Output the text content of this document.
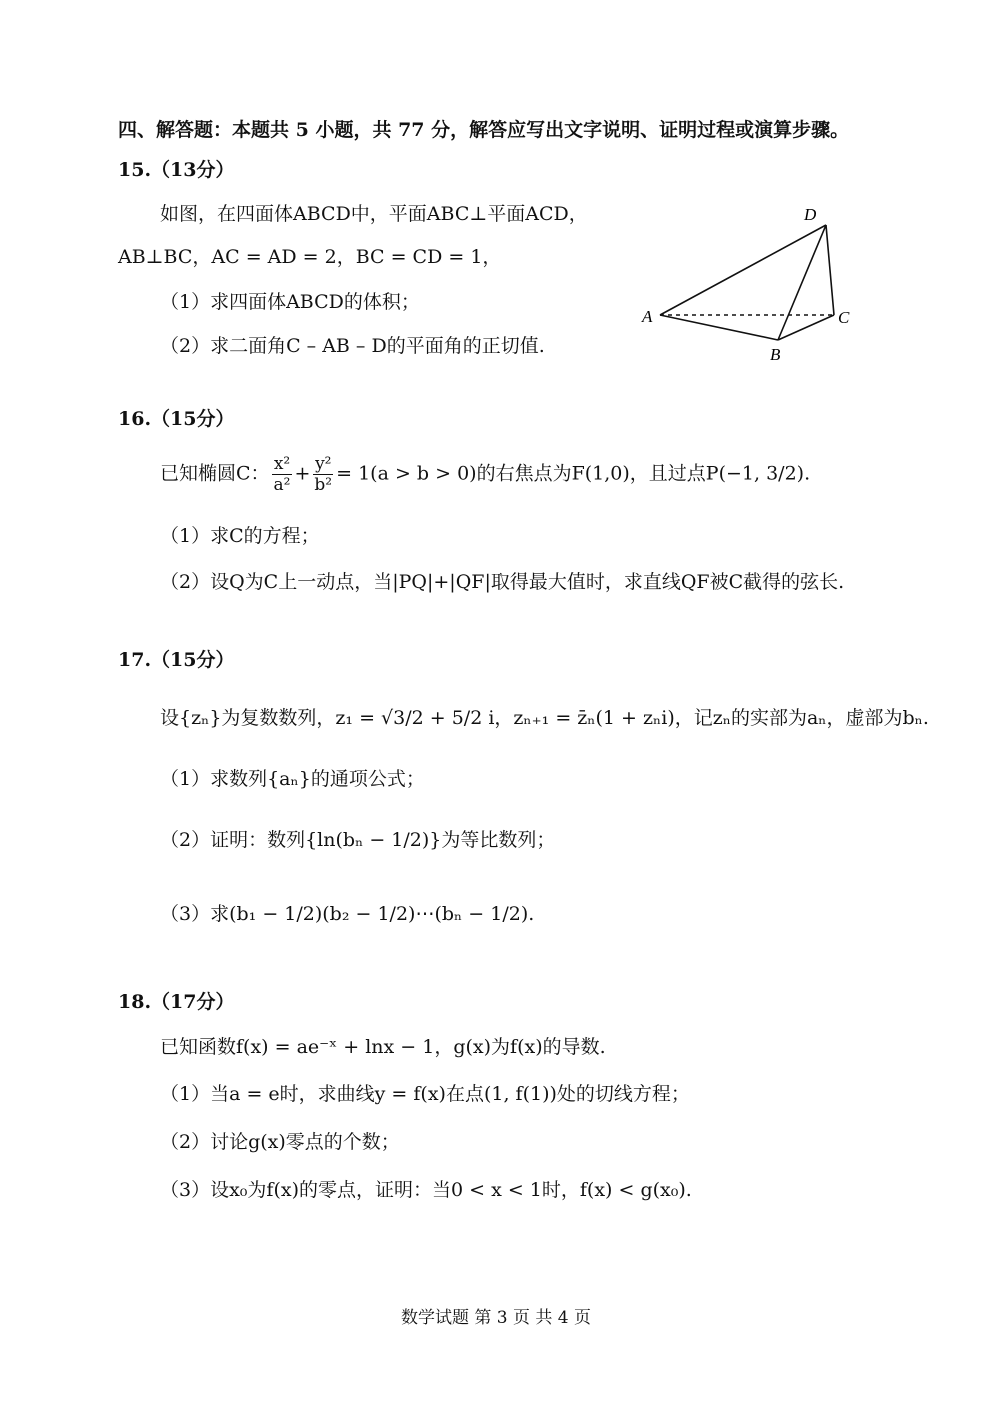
四、解答题：本题共 5 小题，共 77 分，解答应写出文字说明、证明过程或演算步骤。
15.（13分）
如图，在四面体ABCD中，平面ABC⊥平面ACD，
AB⊥BC，AC = AD = 2，BC = CD = 1，
（1）求四面体ABCD的体积；
（2）求二面角C – AB – D的平面角的正切值.
A
B
C
D
16.（15分）
已知椭圆C： $\frac{\text{x²}}{\text{a²}} + \frac{\text{y²}}{\text{b²}} = 1(a > b > 0)$的右焦点为F(1,0)，且过点P(−1, 3/2).
（1）求C的方程；
（2）设Q为C上一动点，当|PQ|+|QF|取得最大值时，求直线QF被C截得的弦长.
17.（15分）
设{zₙ}为复数数列，z₁ = √3/2 + 5/2 i，zₙ₊₁ = z̄ₙ(1 + zₙi)，记zₙ的实部为aₙ，虚部为bₙ.
（1）求数列{aₙ}的通项公式；
（2）证明：数列{ln(bₙ − 1/2)}为等比数列；
（3）求(b₁ − 1/2)(b₂ − 1/2)⋯(bₙ − 1/2).
18.（17分）
已知函数f(x) = ae⁻ˣ + lnx − 1，g(x)为f(x)的导数.
（1）当a = e时，求曲线y = f(x)在点(1, f(1))处的切线方程；
（2）讨论g(x)零点的个数；
（3）设x₀为f(x)的零点，证明：当0 < x < 1时，f(x) < g(x₀).
数学试题 第 3 页 共 4 页
